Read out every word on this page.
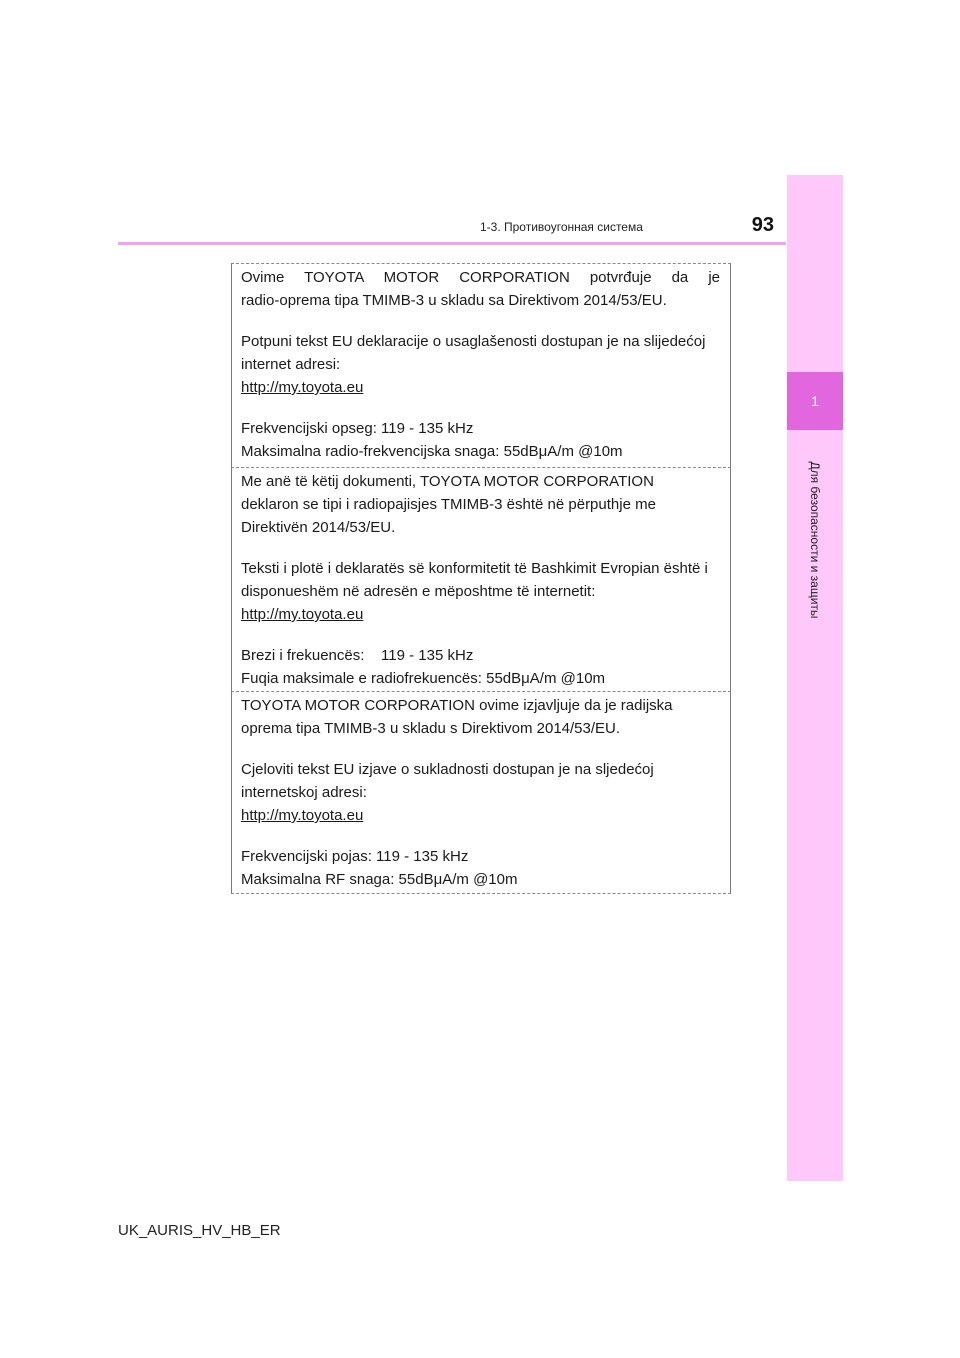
1
Для безопасности и защиты
1-3. Противоугонная система	93

Ovime TOYOTA MOTOR CORPORATION potvrđuje da je

radio-oprema tipa TMIMB-3 u skladu sa Direktivom 2014/53/EU.

Potpuni tekst EU deklaracije o usaglašenosti dostupan je na slijedećoj

internet adresi:

http://my.toyota.eu

Frekvencijski opseg: 119 - 135 kHz

Maksimalna radio-frekvencijska snaga: 55dBμA/m @10m

Me anë të këtij dokumenti, TOYOTA MOTOR CORPORATION

deklaron se tipi i radiopajisjes TMIMB-3 është në përputhje me

Direktivën 2014/53/EU.

Teksti i plotë i deklaratës së konformitetit të Bashkimit Evropian është i

disponueshëm në adresën e mëposhtme të internetit:

http://my.toyota.eu

Brezi i frekuencës:    119 - 135 kHz

Fuqia maksimale e radiofrekuencës: 55dBμA/m @10m

TOYOTA MOTOR CORPORATION ovime izjavljuje da je radijska

oprema tipa TMIMB-3 u skladu s Direktivom 2014/53/EU.

Cjeloviti tekst EU izjave o sukladnosti dostupan je na sljedećoj

internetskoj adresi:

http://my.toyota.eu

Frekvencijski pojas: 119 - 135 kHz

Maksimalna RF snaga: 55dBμA/m @10m

UK_AURIS_HV_HB_ER
